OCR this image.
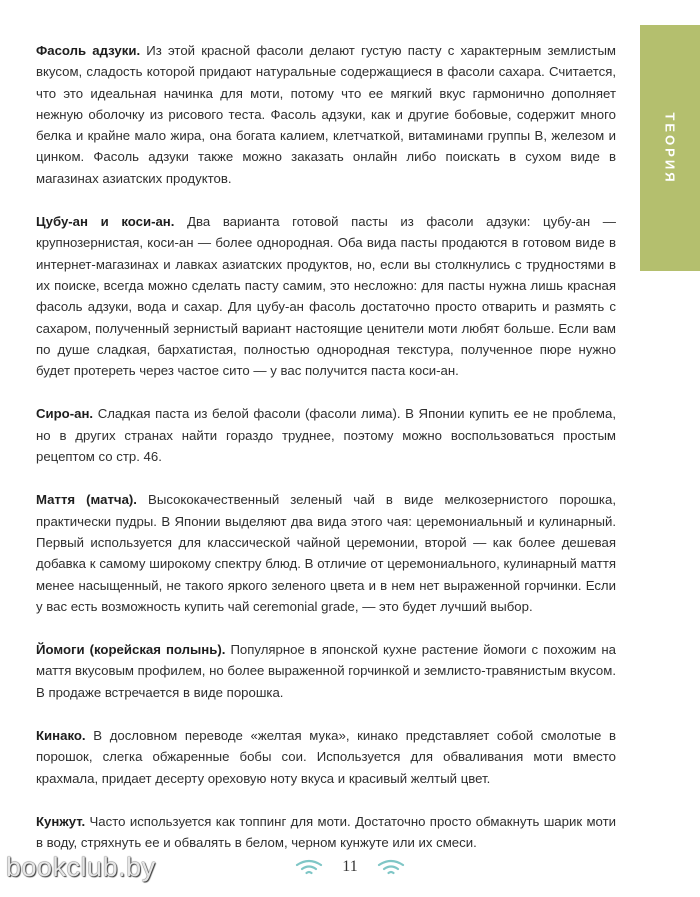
ТЕОРИЯ

Фасоль адзуки. Из этой красной фасоли делают густую пасту с характерным землистым вкусом, сладость которой придают натуральные содержащиеся в фасоли сахара. Считается, что это идеальная начинка для моти, потому что ее мягкий вкус гармонично дополняет нежную оболочку из рисового теста. Фасоль адзуки, как и другие бобовые, содержит много белка и крайне мало жира, она богата калием, клетчаткой, витаминами группы В, железом и цинком. Фасоль адзуки также можно заказать онлайн либо поискать в сухом виде в магазинах азиатских продуктов.

Цубу-ан и коси-ан. Два варианта готовой пасты из фасоли адзуки: цубу-ан — крупнозернистая, коси-ан — более однородная. Оба вида пасты продаются в готовом виде в интернет-магазинах и лавках азиатских продуктов, но, если вы столкнулись с трудностями в их поиске, всегда можно сделать пасту самим, это несложно: для пасты нужна лишь красная фасоль адзуки, вода и сахар. Для цубу-ан фасоль достаточно просто отварить и размять с сахаром, полученный зернистый вариант настоящие ценители моти любят больше. Если вам по душе сладкая, бархатистая, полностью однородная текстура, полученное пюре нужно будет протереть через частое сито — у вас получится паста коси-ан.

Сиро-ан. Сладкая паста из белой фасоли (фасоли лима). В Японии купить ее не проблема, но в других странах найти гораздо труднее, поэтому можно воспользоваться простым рецептом со стр. 46.

Маття (матча). Высококачественный зеленый чай в виде мелкозернистого порошка, практически пудры. В Японии выделяют два вида этого чая: церемониальный и кулинарный. Первый используется для классической чайной церемонии, второй — как более дешевая добавка к самому широкому спектру блюд. В отличие от церемониального, кулинарный маття менее насыщенный, не такого яркого зеленого цвета и в нем нет выраженной горчинки. Если у вас есть возможность купить чай ceremonial grade, — это будет лучший выбор.

Йомоги (корейская полынь). Популярное в японской кухне растение йомоги с похожим на маття вкусовым профилем, но более выраженной горчинкой и землисто-травянистым вкусом. В продаже встречается в виде порошка.

Кинако. В дословном переводе «желтая мука», кинако представляет собой смолотые в порошок, слегка обжаренные бобы сои. Используется для обваливания моти вместо крахмала, придает десерту ореховую ноту вкуса и красивый желтый цвет.

Кунжут. Часто используется как топпинг для моти. Достаточно просто обмакнуть шарик моти в воду, стряхнуть ее и обвалять в белом, черном кунжуте или их смеси.

11
bookclub.by
